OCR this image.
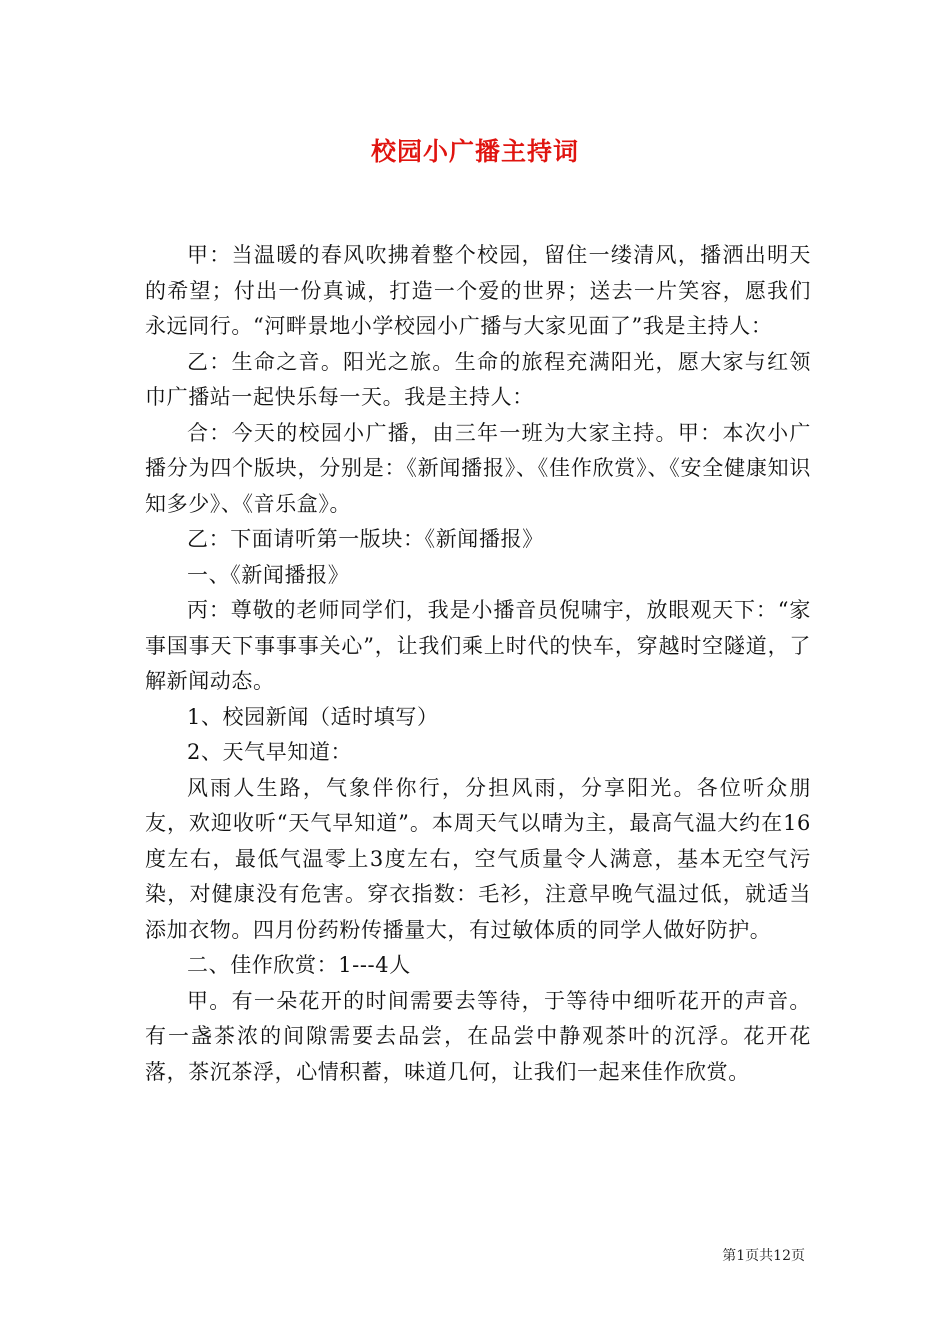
校园小广播主持词

甲：当温暖的春风吹拂着整个校园，留住一缕清风，播洒出明天的希望；付出一份真诚，打造一个爱的世界；送去一片笑容，愿我们永远同行。“河畔景地小学校园小广播与大家见面了”我是主持人：

乙：生命之音。阳光之旅。生命的旅程充满阳光，愿大家与红领巾广播站一起快乐每一天。我是主持人：

合：今天的校园小广播，由三年一班为大家主持。甲：本次小广播分为四个版块，分别是：《新闻播报》、《佳作欣赏》、《安全健康知识知多少》、《音乐盒》。

乙：下面请听第一版块：《新闻播报》

一、《新闻播报》

丙：尊敬的老师同学们，我是小播音员倪啸宇，放眼观天下：“家事国事天下事事事关心”，让我们乘上时代的快车，穿越时空隧道，了解新闻动态。

1、校园新闻（适时填写）

2、天气早知道：

风雨人生路，气象伴你行，分担风雨，分享阳光。各位听众朋友，欢迎收听“天气早知道”。本周天气以晴为主，最高气温大约在16度左右，最低气温零上3度左右，空气质量令人满意，基本无空气污染，对健康没有危害。穿衣指数：毛衫，注意早晚气温过低，就适当添加衣物。四月份药粉传播量大，有过敏体质的同学人做好防护。

二、佳作欣赏：1---4人

甲。有一朵花开的时间需要去等待，于等待中细听花开的声音。有一盏茶浓的间隙需要去品尝，在品尝中静观茶叶的沉浮。花开花落，茶沉茶浮，心情积蓄，味道几何，让我们一起来佳作欣赏。

第1页共12页
